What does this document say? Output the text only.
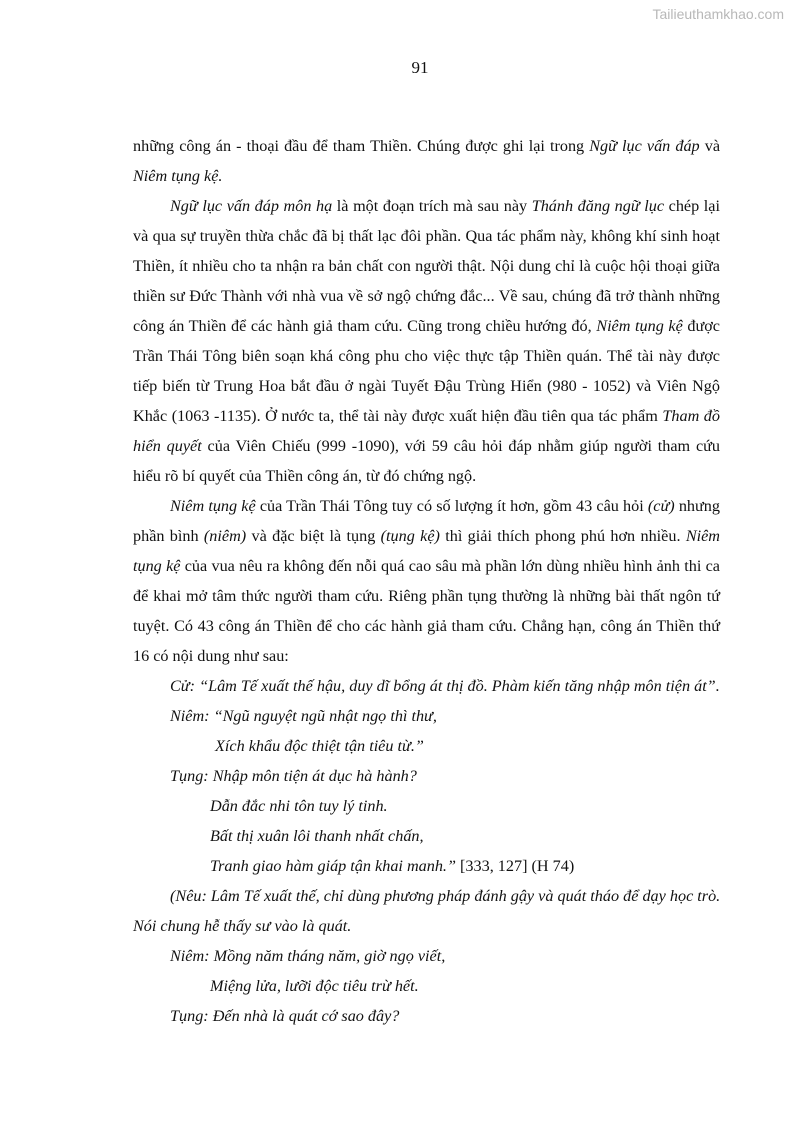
Tailieuthamkhao.com
91
những công án - thoại đầu để tham Thiền. Chúng được ghi lại trong Ngữ lục vấn đáp và
Niêm tụng kệ.
Ngữ lục vấn đáp môn hạ là một đoạn trích mà sau này Thánh đăng ngữ lục chép lại
và qua sự truyền thừa chắc đã bị thất lạc đôi phần. Qua tác phẩm này, không khí sinh hoạt
Thiền, ít nhiều cho ta nhận ra bản chất con người thật. Nội dung chỉ là cuộc hội thoại giữa
thiền sư Đức Thành với nhà vua về sở ngộ chứng đắc... Về sau, chúng đã trở thành những
công án Thiền để các hành giả tham cứu. Cũng trong chiều hướng đó, Niêm tụng kệ được
Trần Thái Tông biên soạn khá công phu cho việc thực tập Thiền quán. Thể tài này được
tiếp biến từ Trung Hoa bắt đầu ở ngài Tuyết Đậu Trùng Hiển (980 - 1052) và Viên Ngộ
Khắc (1063 -1135). Ở nước ta, thể tài này được xuất hiện đầu tiên qua tác phẩm Tham đồ
hiển quyết của Viên Chiếu (999 -1090), với 59 câu hỏi đáp nhằm giúp người tham cứu
hiểu rõ bí quyết của Thiền công án, từ đó chứng ngộ.
Niêm tụng kệ của Trần Thái Tông tuy có số lượng ít hơn, gồm 43 câu hỏi (cử) nhưng
phần bình (niêm) và đặc biệt là tụng (tụng kệ) thì giải thích phong phú hơn nhiều. Niêm
tụng kệ của vua nêu ra không đến nỗi quá cao sâu mà phần lớn dùng nhiều hình ảnh thi ca
để khai mở tâm thức người tham cứu. Riêng phần tụng thường là những bài thất ngôn tứ
tuyệt. Có 43 công án Thiền để cho các hành giả tham cứu. Chẳng hạn, công án Thiền thứ
16 có nội dung như sau:
Cử: “Lâm Tế xuất thế hậu, duy dĩ bổng át thị đồ. Phàm kiến tăng nhập môn tiện át”.
Niêm: “Ngũ nguyệt ngũ nhật ngọ thì thư,
Xích khẩu độc thiệt tận tiêu từ.”
Tụng: Nhập môn tiện át dục hà hành?
Dẫn đắc nhi tôn tuy lý tinh.
Bất thị xuân lôi thanh nhất chấn,
Tranh giao hàm giáp tận khai manh.” [333, 127] (H 74)
(Nêu: Lâm Tế xuất thế, chỉ dùng phương pháp đánh gậy và quát tháo để dạy học trò.
Nói chung hễ thấy sư vào là quát.
Niêm: Mồng năm tháng năm, giờ ngọ viết,
Miệng lửa, lưỡi độc tiêu trừ hết.
Tụng: Đến nhà là quát cớ sao đây?
